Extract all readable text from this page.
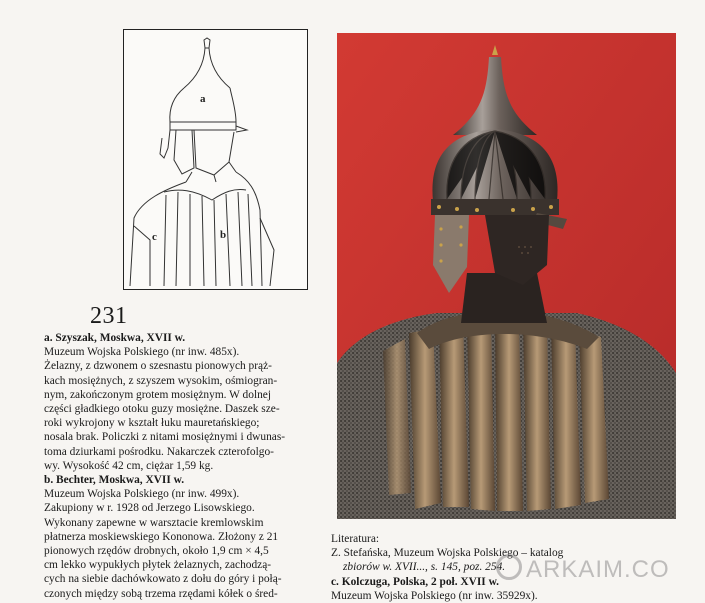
a
b
c
231

a. Szyszak, Moskwa, XVII w.

Muzeum Wojska Polskiego (nr inw. 485x).

Żelazny, z dzwonem o szesnastu pionowych prąż-

kach mosiężnych, z szyszem wysokim, ośmiogran-

nym, zakończonym grotem mosiężnym. W dolnej

części gładkiego otoku guzy mosiężne. Daszek sze-

roki wykrojony w kształt łuku mauretańskiego;

nosala brak. Policzki z nitami mosiężnymi i dwunas-

toma dziurkami pośrodku. Nakarczek czterofolgo-

wy. Wysokość 42 cm, ciężar 1,59 kg.

b. Bechter, Moskwa, XVII w.

Muzeum Wojska Polskiego (nr inw. 499x).

Zakupiony w r. 1928 od Jerzego Lisowskiego.

Wykonany zapewne w warsztacie kremlowskim

płatnerza moskiewskiego Kononowa. Złożony z 21

pionowych rzędów drobnych, około 1,9 cm × 4,5

cm lekko wypukłych płytek żelaznych, zachodzą-

cych na siebie dachówkowato z dołu do góry i połą-

czonych między sobą trzema rzędami kółek o śred-

Literatura:

Z. Stefańska, Muzeum Wojska Polskiego – katalog

zbiorów w. XVII..., s. 145, poz. 254.

c. Kolczuga, Polska, 2 poł. XVII w.

Muzeum Wojska Polskiego (nr inw. 35929x).

ARKAIM.CO
